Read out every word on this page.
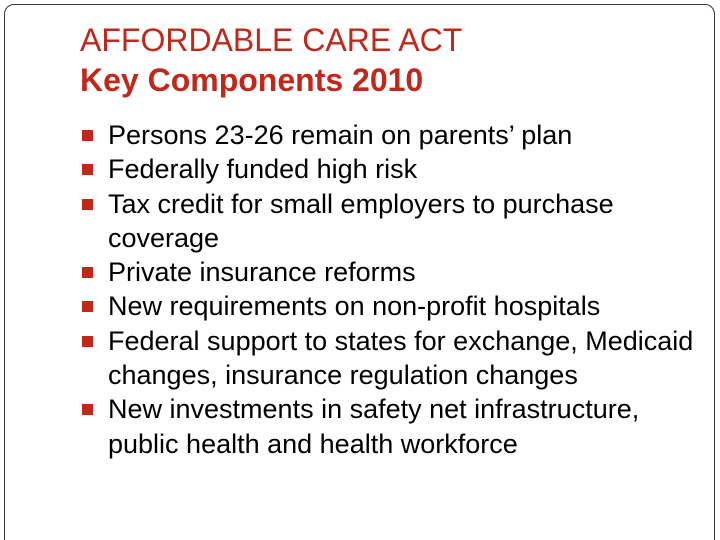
AFFORDABLE CARE ACT
Key Components 2010
Persons 23-26 remain on parents’ plan
Federally funded high risk
Tax credit for small employers to purchase coverage
Private insurance reforms
New requirements on non-profit hospitals
Federal support to states for exchange, Medicaid changes, insurance regulation changes
New investments in safety net infrastructure, public health and health workforce
